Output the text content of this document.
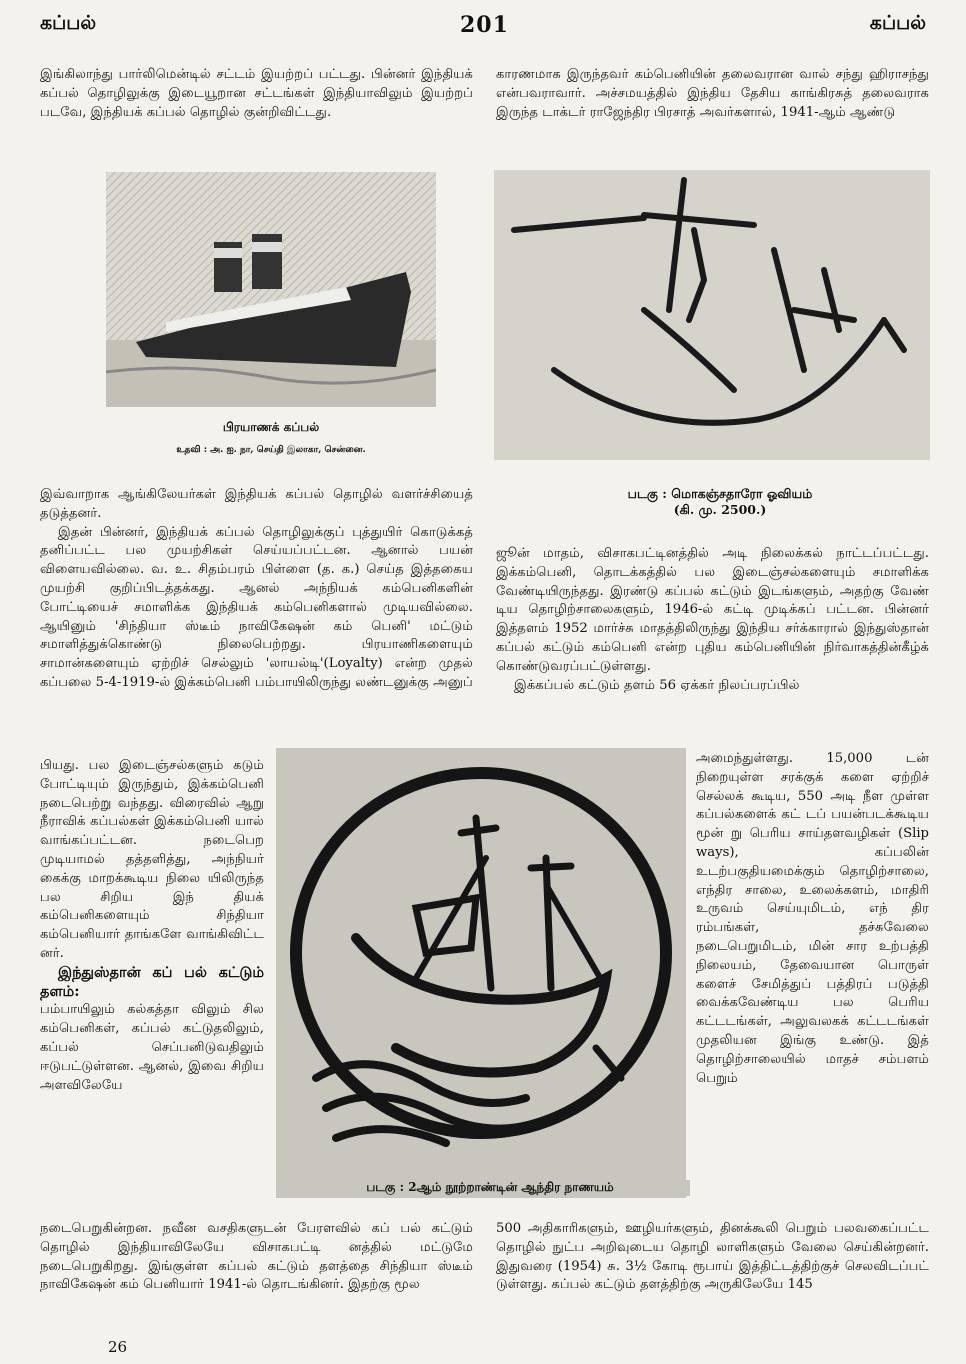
கப்பல்	201	கப்பல்

இங்கிலாந்து பார்லிமென்டில் சட்டம் இயற்றப் பட்டது. பின்னர் இந்தியக் கப்பல் தொழிலுக்கு இடையூறான சட்டங்கள் இந்தியாவிலும் இயற்றப் படவே, இந்தியக் கப்பல் தொழில் குன்றிவிட்டது.

காரணமாக இருந்தவர் கம்பெனியின் தலைவரான வால் சந்து ஹிராசந்து என்பவராவார். அச்சமயத்தில் இந்திய தேசிய காங்கிரசுத் தலைவராக இருந்த டாக்டர் ராஜேந்திர பிரசாத் அவர்களால், 1941-ஆம் ஆண்டு

பிரயாணக் கப்பல்
உதவி : அ. ஐ. நா, செய்தி இலாகா, சென்னை.
படகு : மொகஞ்சதாரோ ஓவியம்
(கி. மு. 2500.)

இவ்வாறாக ஆங்கிலேயர்கள் இந்தியக் கப்பல் தொழில் வளர்ச்சியைத் தடுத்தனர்.

இதன் பின்னர், இந்தியக் கப்பல் தொழிலுக்குப் புத்துயிர் கொடுக்கத் தனிப்பட்ட பல முயற்சிகள் செய்யப்பட்டன. ஆனால் பயன் விளையவில்லை. வ. உ. சிதம்பரம் பிள்ளை (த. க.) செய்த இத்தகைய முயற்சி குறிப்பிடத்தக்கது. ஆனல் அந்நியக் கம்பெனிகளின் போட்டியைச் சமாளிக்க இந்தியக் கம்பெனிகளால் முடியவில்லை. ஆயினும் 'சிந்தியா ஸ்டீம் நாவிகேஷன் கம் பெனி' மட்டும் சமாளித்துக்கொண்டு நிலைபெற்றது. பிரயாணிகளையும் சாமான்களையும் ஏற்றிச் செல்லும் 'லாயல்டி'(Loyalty) என்ற முதல் கப்பலை 5-4-1919-ல் இக்கம்பெனி பம்பாயிலிருந்து லண்டனுக்கு அனுப்

பியது. பல இடைஞ்சல்களும் கடும் போட்டியும் இருந்தும், இக்கம்பெனி நடைபெற்று வந்தது. விரைவில் ஆறு நீராவிக் கப்பல்கள் இக்கம்பெனி யால் வாங்கப்பட்டன. நடைபெற முடியாமல் தத்தளித்து, அந்நியர் கைக்கு மாறக்கூடிய நிலை யிலிருந்த பல சிறிய இந் தியக் கம்பெனிகளையும் சிந்தியா கம்பெனியார் தாங்களே வாங்கிவிட்ட னர்.

இந்துஸ்தான் கப் பல் கட்டும் தளம்:

பம்பாயிலும் கல்கத்தா விலும் சில கம்பெனிகள், கப்பல் கட்டுதலிலும், கப்பல் செப்பனிடுவதிலும் ஈடுபட்டுள்ளன. ஆனல், இவை சிறிய அளவிலேயே

படகு : 2ஆம் நூற்றாண்டின் ஆந்திர நாணயம்

நடைபெறுகின்றன. நவீன வசதிகளுடன் பேரளவில் கப் பல் கட்டும் தொழில் இந்தியாவிலேயே விசாகபட்டி னத்தில் மட்டுமே நடைபெறுகிறது. இங்குள்ள கப்பல் கட்டும் தளத்தை சிந்தியா ஸ்டீம் நாவிகேஷன் கம் பெனியார் 1941-ல் தொடங்கினர். இதற்கு மூல

ஜூன் மாதம், விசாகபட்டினத்தில் அடி நிலைக்கல் நாட்டப்பட்டது. இக்கம்பெனி, தொடக்கத்தில் பல இடைஞ்சல்களையும் சமாளிக்க வேண்டியிருந்தது. இரண்டு கப்பல் கட்டும் இடங்களும், அதற்கு வேண் டிய தொழிற்சாலைகளும், 1946-ல் கட்டி முடிக்கப் பட்டன. பின்னர் இத்தளம் 1952 மார்ச்சு மாதத்திலிருந்து இந்திய சர்க்காரால் இந்துஸ்தான் கப்பல் கட்டும் கம்பெனி என்ற புதிய கம்பெனியின் நிர்வாகத்தின்கீழ்க் கொண்டுவரப்பட்டுள்ளது.

இக்கப்பல் கட்டும் தளம் 56 ஏக்கர் நிலப்பரப்பில்

அமைந்துள்ளது. 15,000 டன் நிறையுள்ள சரக்குக் களை ஏற்றிச் செல்லக் கூடிய, 550 அடி நீள முள்ள கப்பல்களைக் கட் டப் பயன்படக்கூடிய மூன் று பெரிய சாய்தளவழிகள் (Slip ways), கப்பலின் உடற்பகுதியமைக்கும் தொழிற்சாலை, எந்திர சாலை, உலைக்களம், மாதிரி உருவம் செய்யுமிடம், எந் திர ரம்பங்கள், தச்சுவேலை நடைபெறுமிடம், மின் சார உற்பத்தி நிலையம், தேவையான பொருள் களைச் சேமித்துப் பத்திரப் படுத்தி வைக்கவேண்டிய பல பெரிய கட்டடங்கள், அலுவலகக் கட்டடங்கள் முதலியன இங்கு உண்டு. இத் தொழிற்சாலையில் மாதச் சம்பளம் பெறும்

500 அதிகாரிகளும், ஊழியர்களும், தினக்கூலி பெறும் பலவகைப்பட்ட தொழில் நுட்ப அறிவுடைய தொழி லாளிகளும் வேலை செய்கின்றனர். இதுவரை (1954) சு. 3½ கோடி ரூபாய் இத்திட்டத்திற்குச் செலவிடப்பட் டுள்ளது. கப்பல் கட்டும் தளத்திற்கு அருகிலேயே 145

26
